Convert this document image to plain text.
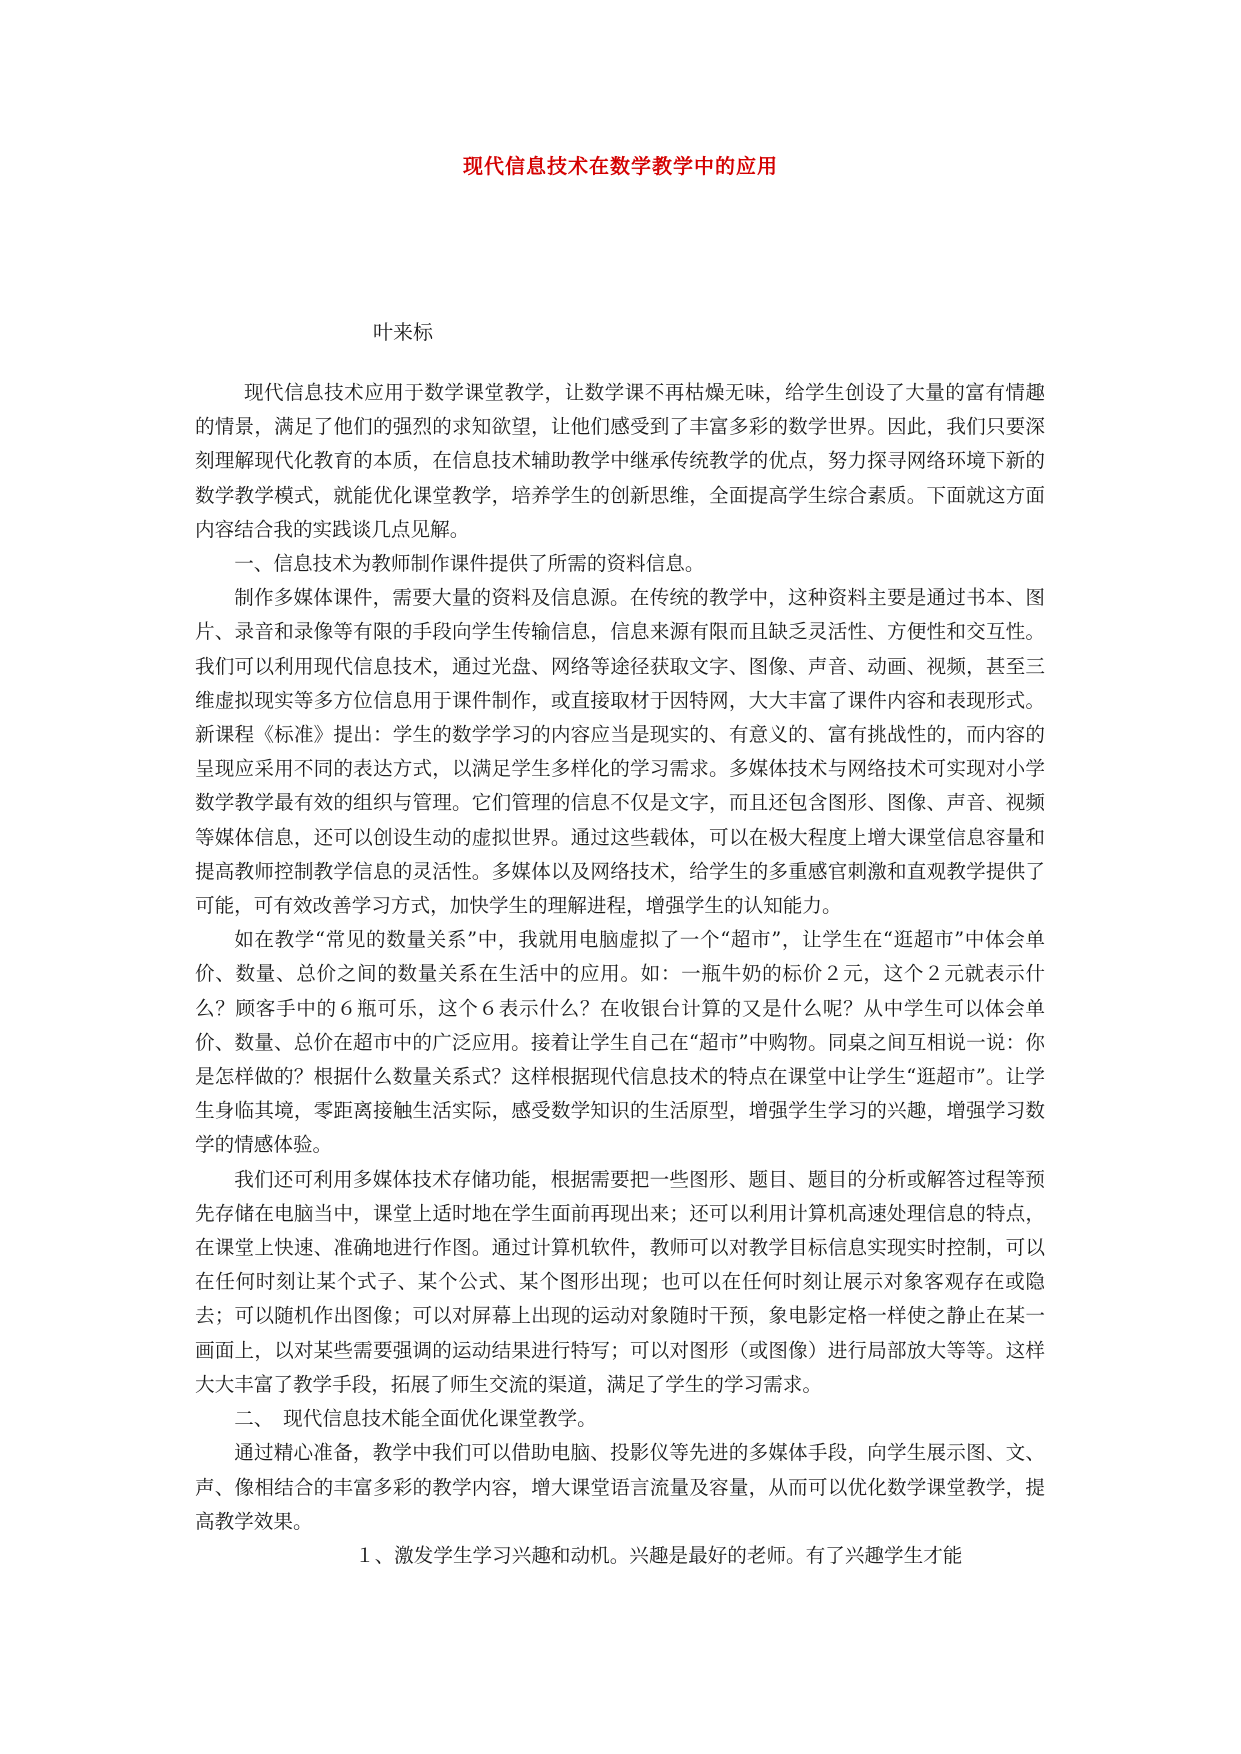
现代信息技术在数学教学中的应用
叶来标

现代信息技术应用于数学课堂教学，让数学课不再枯燥无味，给学生创设了大量的富有情趣的情景，满足了他们的强烈的求知欲望，让他们感受到了丰富多彩的数学世界。因此，我们只要深刻理解现代化教育的本质，在信息技术辅助教学中继承传统教学的优点，努力探寻网络环境下新的数学教学模式，就能优化课堂教学，培养学生的创新思维，全面提高学生综合素质。下面就这方面内容结合我的实践谈几点见解。

一、信息技术为教师制作课件提供了所需的资料信息。

制作多媒体课件，需要大量的资料及信息源。在传统的教学中，这种资料主要是通过书本、图片、录音和录像等有限的手段向学生传输信息，信息来源有限而且缺乏灵活性、方便性和交互性。我们可以利用现代信息技术，通过光盘、网络等途径获取文字、图像、声音、动画、视频，甚至三维虚拟现实等多方位信息用于课件制作，或直接取材于因特网，大大丰富了课件内容和表现形式。新课程《标准》提出：学生的数学学习的内容应当是现实的、有意义的、富有挑战性的，而内容的呈现应采用不同的表达方式，以满足学生多样化的学习需求。多媒体技术与网络技术可实现对小学数学教学最有效的组织与管理。它们管理的信息不仅是文字，而且还包含图形、图像、声音、视频等媒体信息，还可以创设生动的虚拟世界。通过这些载体，可以在极大程度上增大课堂信息容量和提高教师控制教学信息的灵活性。多媒体以及网络技术，给学生的多重感官刺激和直观教学提供了可能，可有效改善学习方式，加快学生的理解进程，增强学生的认知能力。

如在教学“常见的数量关系”中，我就用电脑虚拟了一个“超市”，让学生在“逛超市”中体会单价、数量、总价之间的数量关系在生活中的应用。如：一瓶牛奶的标价２元，这个２元就表示什么？顾客手中的６瓶可乐，这个６表示什么？在收银台计算的又是什么呢？从中学生可以体会单价、数量、总价在超市中的广泛应用。接着让学生自己在“超市”中购物。同桌之间互相说一说：你是怎样做的？根据什么数量关系式？这样根据现代信息技术的特点在课堂中让学生“逛超市”。让学生身临其境，零距离接触生活实际，感受数学知识的生活原型，增强学生学习的兴趣，增强学习数学的情感体验。

我们还可利用多媒体技术存储功能，根据需要把一些图形、题目、题目的分析或解答过程等预先存储在电脑当中，课堂上适时地在学生面前再现出来；还可以利用计算机高速处理信息的特点，在课堂上快速、准确地进行作图。通过计算机软件，教师可以对教学目标信息实现实时控制，可以在任何时刻让某个式子、某个公式、某个图形出现；也可以在任何时刻让展示对象客观存在或隐去；可以随机作出图像；可以对屏幕上出现的运动对象随时干预，象电影定格一样使之静止在某一画面上，以对某些需要强调的运动结果进行特写；可以对图形（或图像）进行局部放大等等。这样大大丰富了教学手段，拓展了师生交流的渠道，满足了学生的学习需求。

二、　现代信息技术能全面优化课堂教学。

通过精心准备，教学中我们可以借助电脑、投影仪等先进的多媒体手段，向学生展示图、文、声、像相结合的丰富多彩的教学内容，增大课堂语言流量及容量，从而可以优化数学课堂教学，提高教学效果。

１、激发学生学习兴趣和动机。兴趣是最好的老师。有了兴趣学生才能
